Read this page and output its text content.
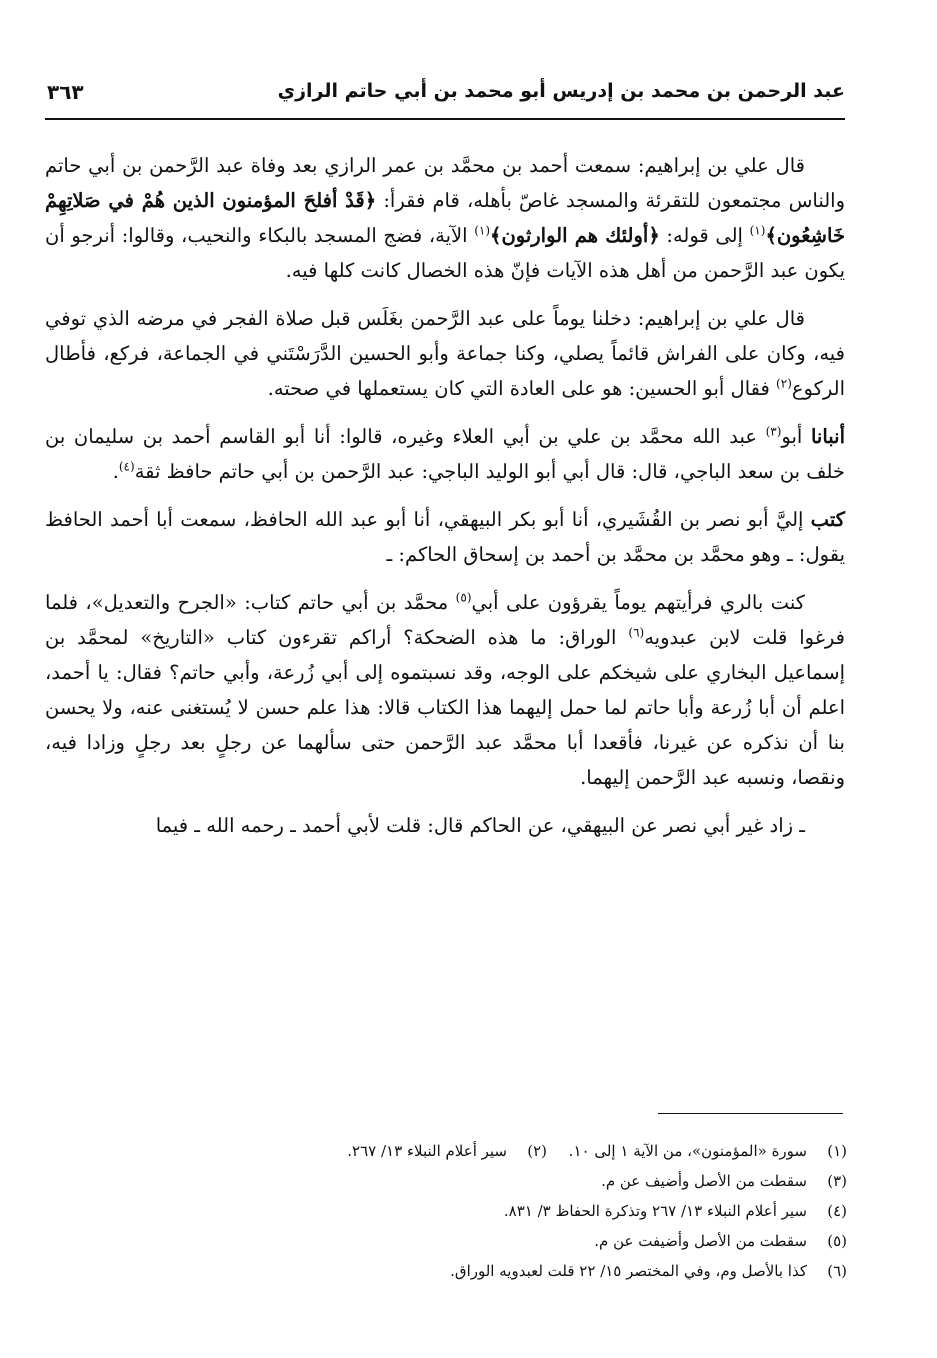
عبد الرحمن بن محمد بن إدريس أبو محمد بن أبي حاتم الرازي
٣٦٣

قال علي بن إبراهيم: سمعت أحمد بن محمَّد بن عمر الرازي بعد وفاة عبد الرَّحمن بن أبي حاتم والناس مجتمعون للتقرئة والمسجد غاصّ بأهله، قام فقرأ: ﴿قَدْ أفلحَ المؤمنون الذين هُمْ في صَلاتِهِمْ خَاشِعُون﴾$^{(١)}$ إلى قوله: ﴿أولئك هم الوارثون﴾$^{(١)}$ الآية، فضج المسجد بالبكاء والنحيب، وقالوا: أنرجو أن يكون عبد الرَّحمن من أهل هذه الآيات فإنّ هذه الخصال كانت كلها فيه.

قال علي بن إبراهيم: دخلنا يوماً على عبد الرَّحمن بغَلَس قبل صلاة الفجر في مرضه الذي توفي فيه، وكان على الفراش قائماً يصلي، وكنا جماعة وأبو الحسين الدَّرَسْتَني في الجماعة، فركع، فأطال الركوع$^{(٢)}$ فقال أبو الحسين: هو على العادة التي كان يستعملها في صحته.

أنبانا أبو$^{(٣)}$ عبد الله محمَّد بن علي بن أبي العلاء وغيره، قالوا: أنا أبو القاسم أحمد بن سليمان بن خلف بن سعد الباجي، قال: قال أبي أبو الوليد الباجي: عبد الرَّحمن بن أبي حاتم حافظ ثقة$^{(٤)}$.

كتب إليَّ أبو نصر بن القُشَيري، أنا أبو بكر البيهقي، أنا أبو عبد الله الحافظ، سمعت أبا أحمد الحافظ يقول: ـ وهو محمَّد بن محمَّد بن أحمد بن إسحاق الحاكم: ـ

كنت بالري فرأيتهم يوماً يقرؤون على أبي$^{(٥)}$ محمَّد بن أبي حاتم كتاب: «الجرح والتعديل»، فلما فرغوا قلت لابن عبدويه$^{(٦)}$ الوراق: ما هذه الضحكة؟ أراكم تقرءون كتاب «التاريخ» لمحمَّد بن إسماعيل البخاري على شيخكم على الوجه، وقد نسبتموه إلى أبي زُرعة، وأبي حاتم؟ فقال: يا أحمد، اعلم أن أبا زُرعة وأبا حاتم لما حمل إليهما هذا الكتاب قالا: هذا علم حسن لا يُستغنى عنه، ولا يحسن بنا أن نذكره عن غيرنا، فأقعدا أبا محمَّد عبد الرَّحمن حتى سألهما عن رجلٍ بعد رجلٍ وزادا فيه، ونقصا، ونسبه عبد الرَّحمن إليهما.

ـ زاد غير أبي نصر عن البيهقي، عن الحاكم قال: قلت لأبي أحمد ـ رحمه الله ـ فيما

(١)
سورة «المؤمنون»، من الآية ١ إلى ١٠.
(٢)
سير أعلام النبلاء ١٣/ ٢٦٧.
(٣)
سقطت من الأصل وأضيف عن م.
(٤)
سير أعلام النبلاء ١٣/ ٢٦٧ وتذكرة الحفاظ ٣/ ٨٣١.
(٥)
سقطت من الأصل وأضيفت عن م.
(٦)
كذا بالأصل وم، وفي المختصر ١٥/ ٢٢ قلت لعبدويه الوراق.
